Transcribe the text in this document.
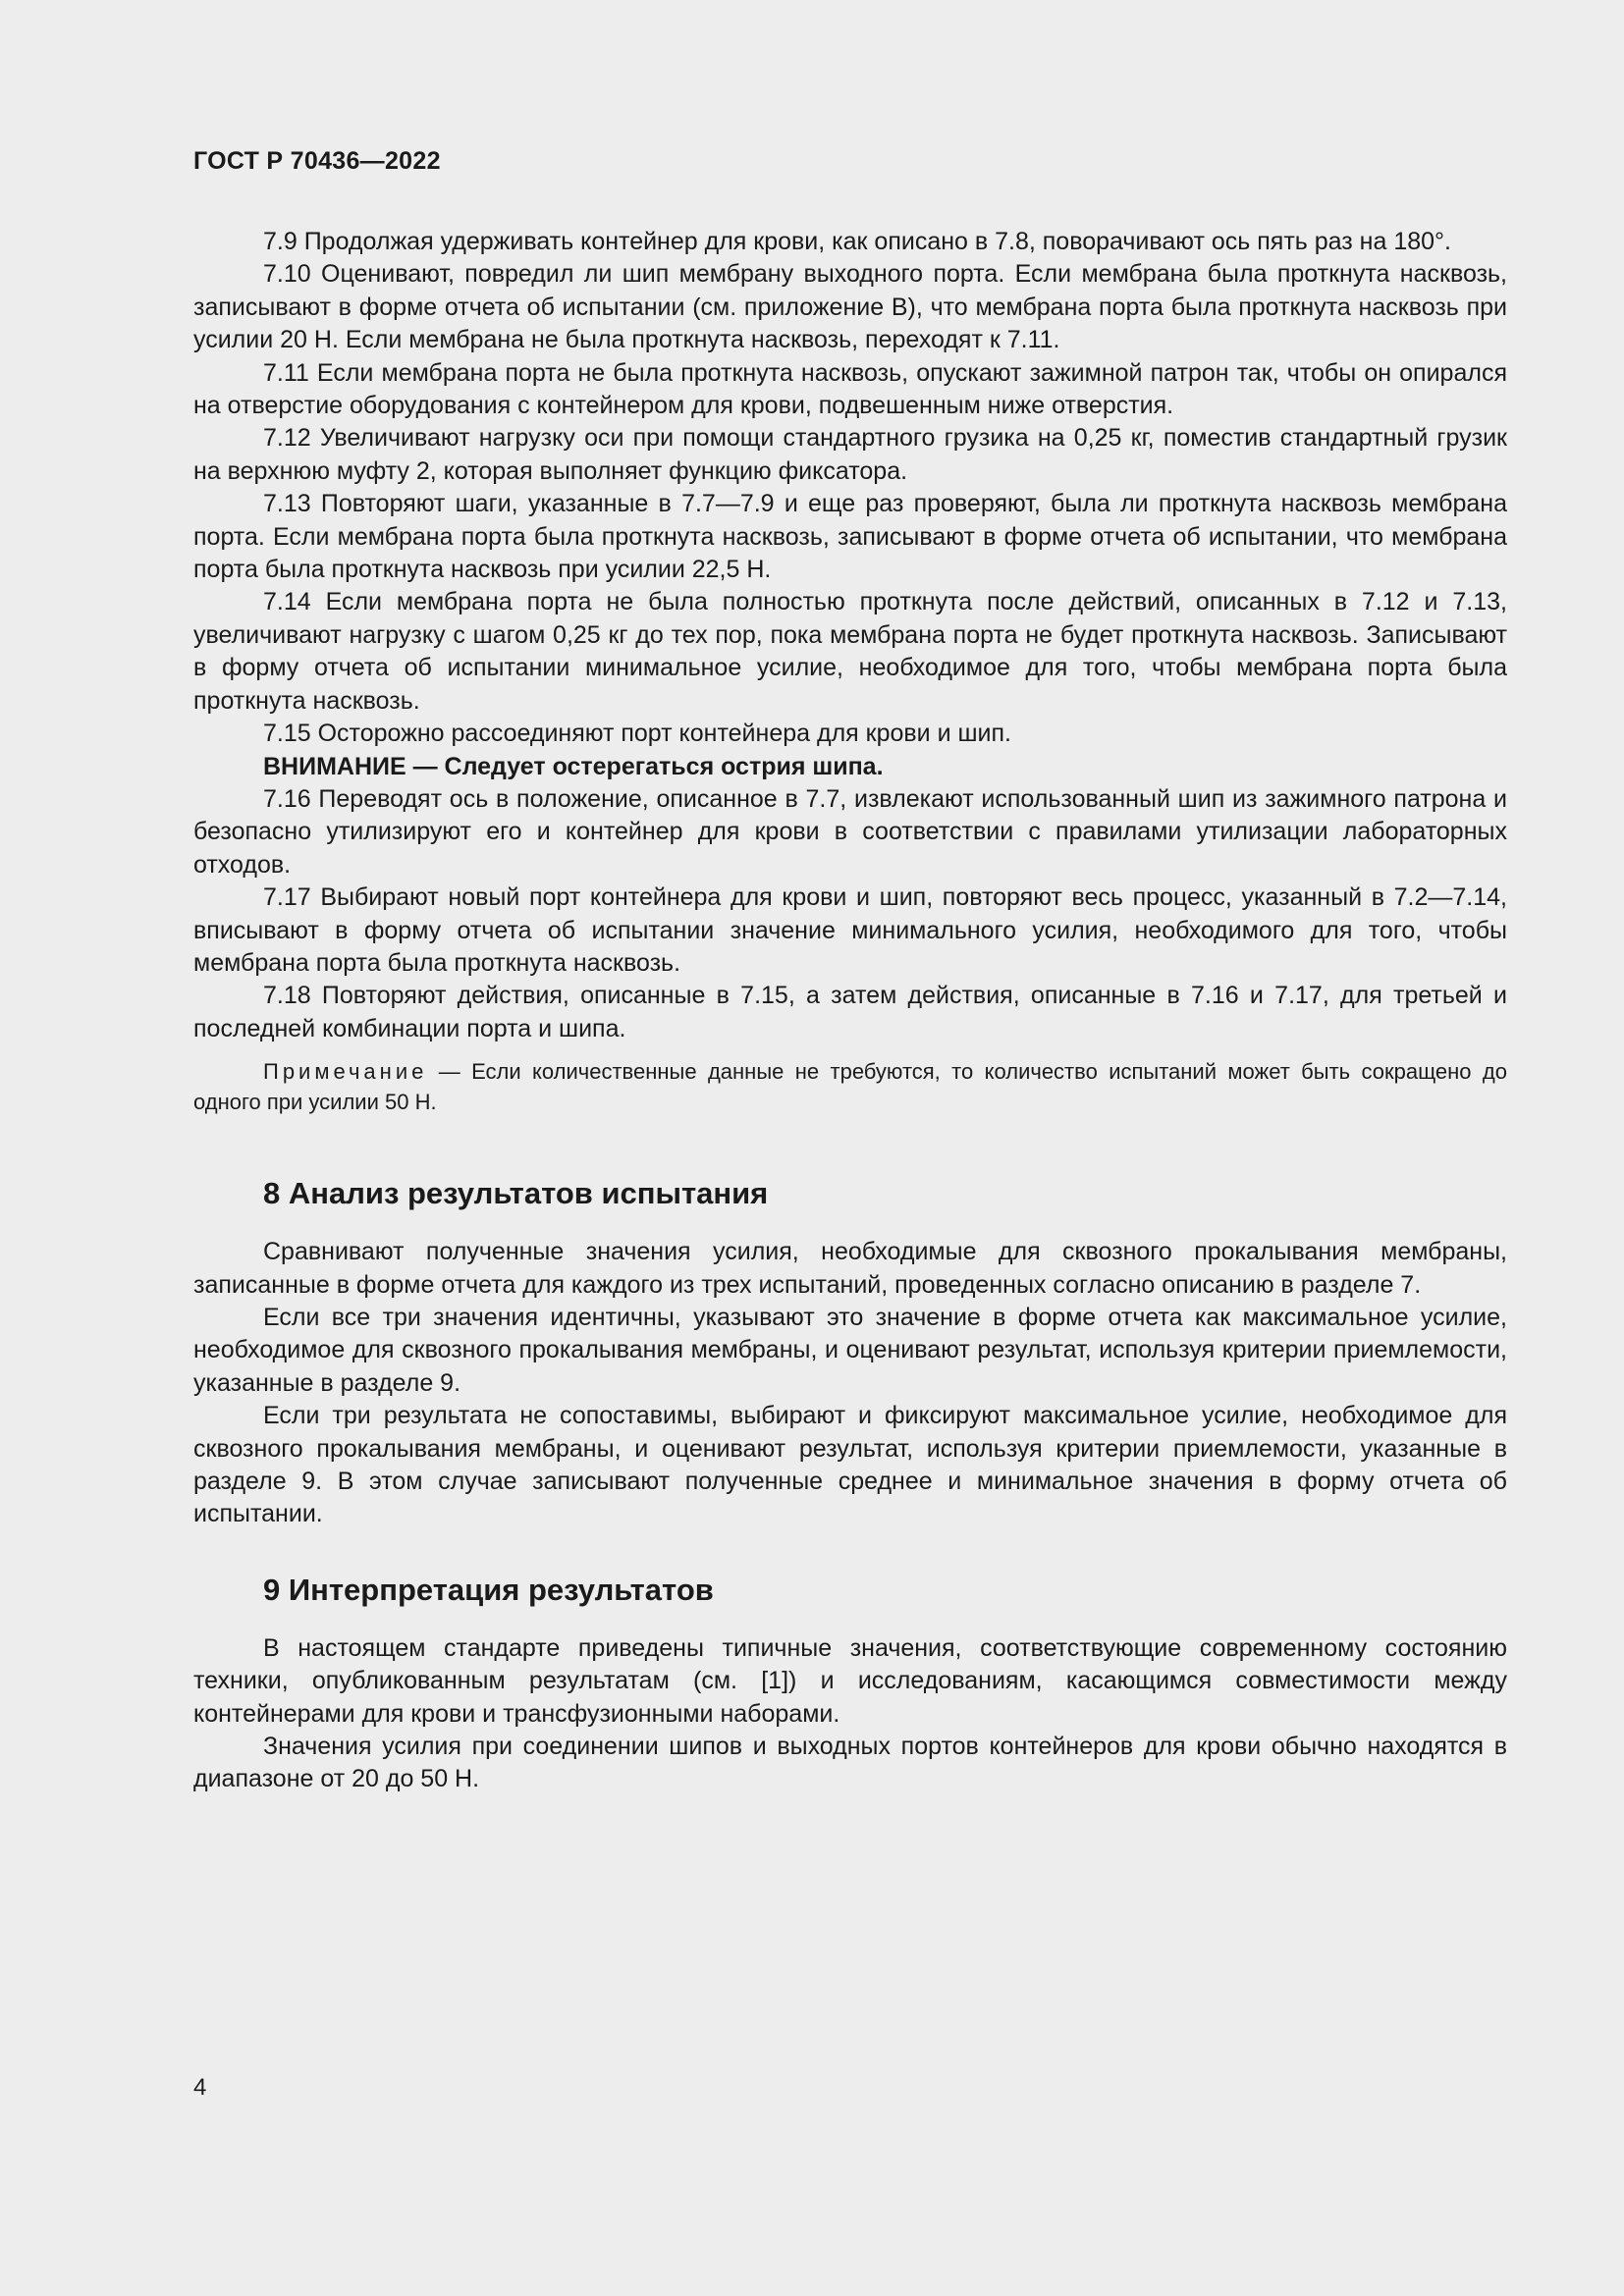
ГОСТ Р 70436—2022

7.9 Продолжая удерживать контейнер для крови, как описано в 7.8, поворачивают ось пять раз на 180°.

7.10 Оценивают, повредил ли шип мембрану выходного порта. Если мембрана была проткнута насквозь, записывают в форме отчета об испытании (см. приложение В), что мембрана порта была проткнута насквозь при усилии 20 Н. Если мембрана не была проткнута насквозь, переходят к 7.11.

7.11 Если мембрана порта не была проткнута насквозь, опускают зажимной патрон так, чтобы он опирался на отверстие оборудования с контейнером для крови, подвешенным ниже отверстия.

7.12 Увеличивают нагрузку оси при помощи стандартного грузика на 0,25 кг, поместив стандартный грузик на верхнюю муфту 2, которая выполняет функцию фиксатора.

7.13 Повторяют шаги, указанные в 7.7—7.9 и еще раз проверяют, была ли проткнута насквозь мембрана порта. Если мембрана порта была проткнута насквозь, записывают в форме отчета об испытании, что мембрана порта была проткнута насквозь при усилии 22,5 Н.

7.14 Если мембрана порта не была полностью проткнута после действий, описанных в 7.12 и 7.13, увеличивают нагрузку с шагом 0,25 кг до тех пор, пока мембрана порта не будет проткнута насквозь. Записывают в форму отчета об испытании минимальное усилие, необходимое для того, чтобы мембрана порта была проткнута насквозь.

7.15 Осторожно рассоединяют порт контейнера для крови и шип.

ВНИМАНИЕ — Следует остерегаться острия шипа.

7.16 Переводят ось в положение, описанное в 7.7, извлекают использованный шип из зажимного патрона и безопасно утилизируют его и контейнер для крови в соответствии с правилами утилизации лабораторных отходов.

7.17 Выбирают новый порт контейнера для крови и шип, повторяют весь процесс, указанный в 7.2—7.14, вписывают в форму отчета об испытании значение минимального усилия, необходимого для того, чтобы мембрана порта была проткнута насквозь.

7.18 Повторяют действия, описанные в 7.15, а затем действия, описанные в 7.16 и 7.17, для третьей и последней комбинации порта и шипа.

Примечание — Если количественные данные не требуются, то количество испытаний может быть сокращено до одного при усилии 50 Н.

8 Анализ результатов испытания

Сравнивают полученные значения усилия, необходимые для сквозного прокалывания мембраны, записанные в форме отчета для каждого из трех испытаний, проведенных согласно описанию в разделе 7.

Если все три значения идентичны, указывают это значение в форме отчета как максимальное усилие, необходимое для сквозного прокалывания мембраны, и оценивают результат, используя критерии приемлемости, указанные в разделе 9.

Если три результата не сопоставимы, выбирают и фиксируют максимальное усилие, необходимое для сквозного прокалывания мембраны, и оценивают результат, используя критерии приемлемости, указанные в разделе 9. В этом случае записывают полученные среднее и минимальное значения в форму отчета об испытании.

9 Интерпретация результатов

В настоящем стандарте приведены типичные значения, соответствующие современному состоянию техники, опубликованным результатам (см. [1]) и исследованиям, касающимся совместимости между контейнерами для крови и трансфузионными наборами.

Значения усилия при соединении шипов и выходных портов контейнеров для крови обычно находятся в диапазоне от 20 до 50 Н.

4
